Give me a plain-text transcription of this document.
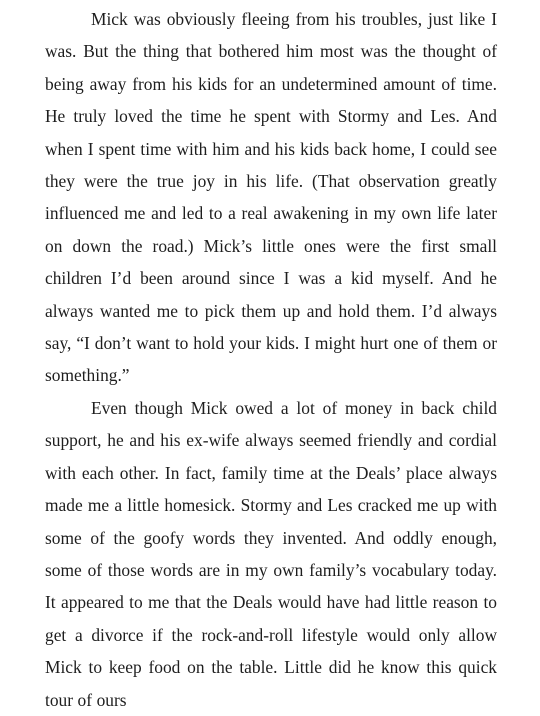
Mick was obviously fleeing from his troubles, just like I was. But the thing that bothered him most was the thought of being away from his kids for an undetermined amount of time. He truly loved the time he spent with Stormy and Les. And when I spent time with him and his kids back home, I could see they were the true joy in his life. (That observation greatly influenced me and led to a real awakening in my own life later on down the road.) Mick’s little ones were the first small children I’d been around since I was a kid myself. And he always wanted me to pick them up and hold them. I’d always say, “I don’t want to hold your kids. I might hurt one of them or something.”

Even though Mick owed a lot of money in back child support, he and his ex-wife always seemed friendly and cordial with each other. In fact, family time at the Deals’ place always made me a little homesick. Stormy and Les cracked me up with some of the goofy words they invented. And oddly enough, some of those words are in my own family’s vocabulary today. It appeared to me that the Deals would have had little reason to get a divorce if the rock-and-roll lifestyle would only allow Mick to keep food on the table. Little did he know this quick tour of ours
